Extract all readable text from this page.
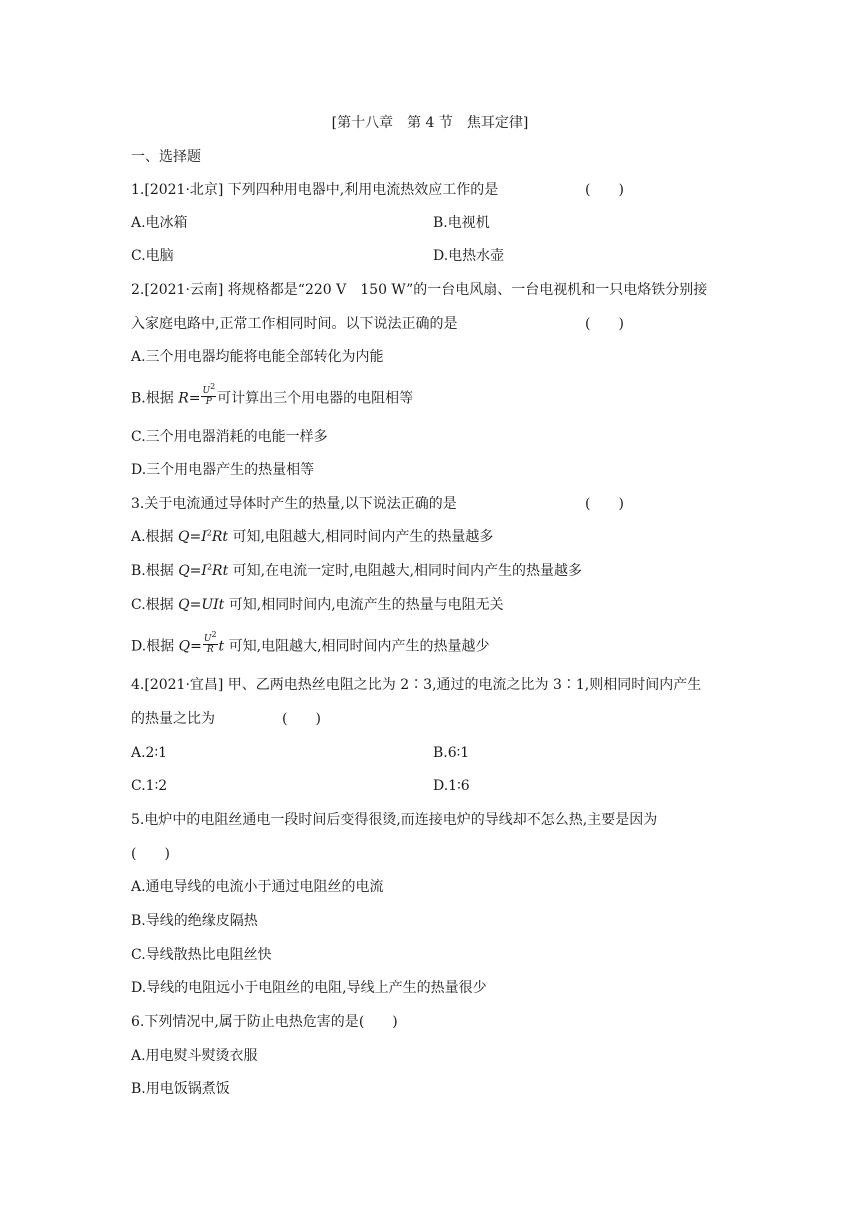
[第十八章　第 4 节　焦耳定律]
一、选择题
1.[2021·北京] 下列四种用电器中,利用电流热效应工作的是	(　　)
A.电冰箱	B.电视机
C.电脑	D.电热水壶
2.[2021·云南] 将规格都是“220 V　150 W”的一台电风扇、一台电视机和一只电烙铁分别接
入家庭电路中,正常工作相同时间。以下说法正确的是	(　　)
A.三个用电器均能将电能全部转化为内能
B.根据 $R= \frac{U^2}{P}$ 可计算出三个用电器的电阻相等
C.三个用电器消耗的电能一样多
D.三个用电器产生的热量相等
3.关于电流通过导体时产生的热量,以下说法正确的是	(　　)
A.根据 $Q=I^2Rt$ 可知,电阻越大,相同时间内产生的热量越多
B.根据 $Q=I^2Rt$ 可知,在电流一定时,电阻越大,相同时间内产生的热量越多
C.根据 Q=UIt 可知,相同时间内,电流产生的热量与电阻无关
D.根据 $Q= \frac{U^2}{R}$ t 可知,电阻越大,相同时间内产生的热量越少
4.[2021·宜昌] 甲、乙两电热丝电阻之比为 2∶3,通过的电流之比为 3∶1,则相同时间内产生
的热量之比为	(　　)
A.2∶1	B.6∶1
C.1∶2	D.1∶6
5.电炉中的电阻丝通电一段时间后变得很烫,而连接电炉的导线却不怎么热,主要是因为
(　　)
A.通电导线的电流小于通过电阻丝的电流
B.导线的绝缘皮隔热
C.导线散热比电阻丝快
D.导线的电阻远小于电阻丝的电阻,导线上产生的热量很少
6.下列情况中,属于防止电热危害的是(　　)
A.用电熨斗熨烫衣服
B.用电饭锅煮饭
